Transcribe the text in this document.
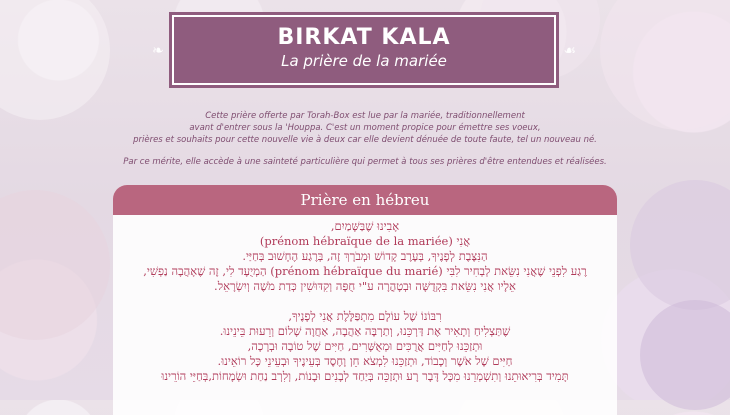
❧	☙
BIRKAT KALA
La prière de la mariée

Cette prière offerte par Torah-Box est lue par la mariée, traditionnellement

avant d'entrer sous la 'Houppa. C'est un moment propice pour émettre ses voeux,

prières et souhaits pour cette nouvelle vie à deux car elle devient dénuée de toute faute, tel un nouveau né.

Par ce mérite, elle accède à une sainteté particulière qui permet à tous ses prières d'être entendues et réalisées.

Prière en hébreu

אָבִינוּ שֶׁבַּשָּׁמַיִם,

אֲנִי (prénom hébraïque de la mariée)

הַנִּצֶּבֶת לְפָנֶיךָ, בְּעֶרֶב קָדוֹשׁ וּמְבֹרָךְ זֶה, בְּרֶגַע הֶחָשׁוּב בְּחַיַּי.

רֶגַע לִפְנֵי שֶׁאֲנִי נִשֵּׂאת לְבְחִיר לִבִּי (prénom hébraïque du marié) הַמְיֻעָד לִי, זֶה שֶׁאָהֲבָה נַפְשִׁי,

אֵלָיו אֲנִי נִשֵּׂאת בִּקְדֻשָּׁה וּבְטָהֳרָה ע"י חֻפָּה וְקִדּוּשִׁין כְּדַת מֹשֶׁה וְיִשְׂרָאֵל.

רִבּוֹנוֹ שֶׁל עוֹלָם מִתְפַּלֶּלֶת אֲנִי לְפָנֶיךָ,

שֶׁתַּצְלִיחַ וְתָאִיר אֶת דַּרְכֵּנוּ, וְתַרְבֶּה אַהֲבָה, אַחֲוָה שָׁלוֹם וְרֵעוּת בֵּינֵינוּ.

וּתְזַכֵּנוּ לְחַיִּים אֲרֻכִּים וּמְאֻשָּׁרִים, חַיִּים שֶׁל טוֹבָה וּבְרָכָה,

חַיִּים שֶׁל אֹשֶׁר וְכָבוֹד, וּתְזַכֵּנוּ לִמְצֹא חֵן וָחֶסֶד בְּעֵינֶיךָ וּבְעֵינֵי כָּל רוֹאֵינוּ.

תָּמִיד בְּרִיאוּתֵנוּ וְתִשְׁמְרֵנוּ מִכָּל דָּבָר רָע וּתְזַכֵּה בְּיַחַד לְבָנִים וּבָנוֹת, וְלִרְב נַחַת וּשְׂמָחוֹת,בְּחַיֵּי הוֹרֵינוּ
